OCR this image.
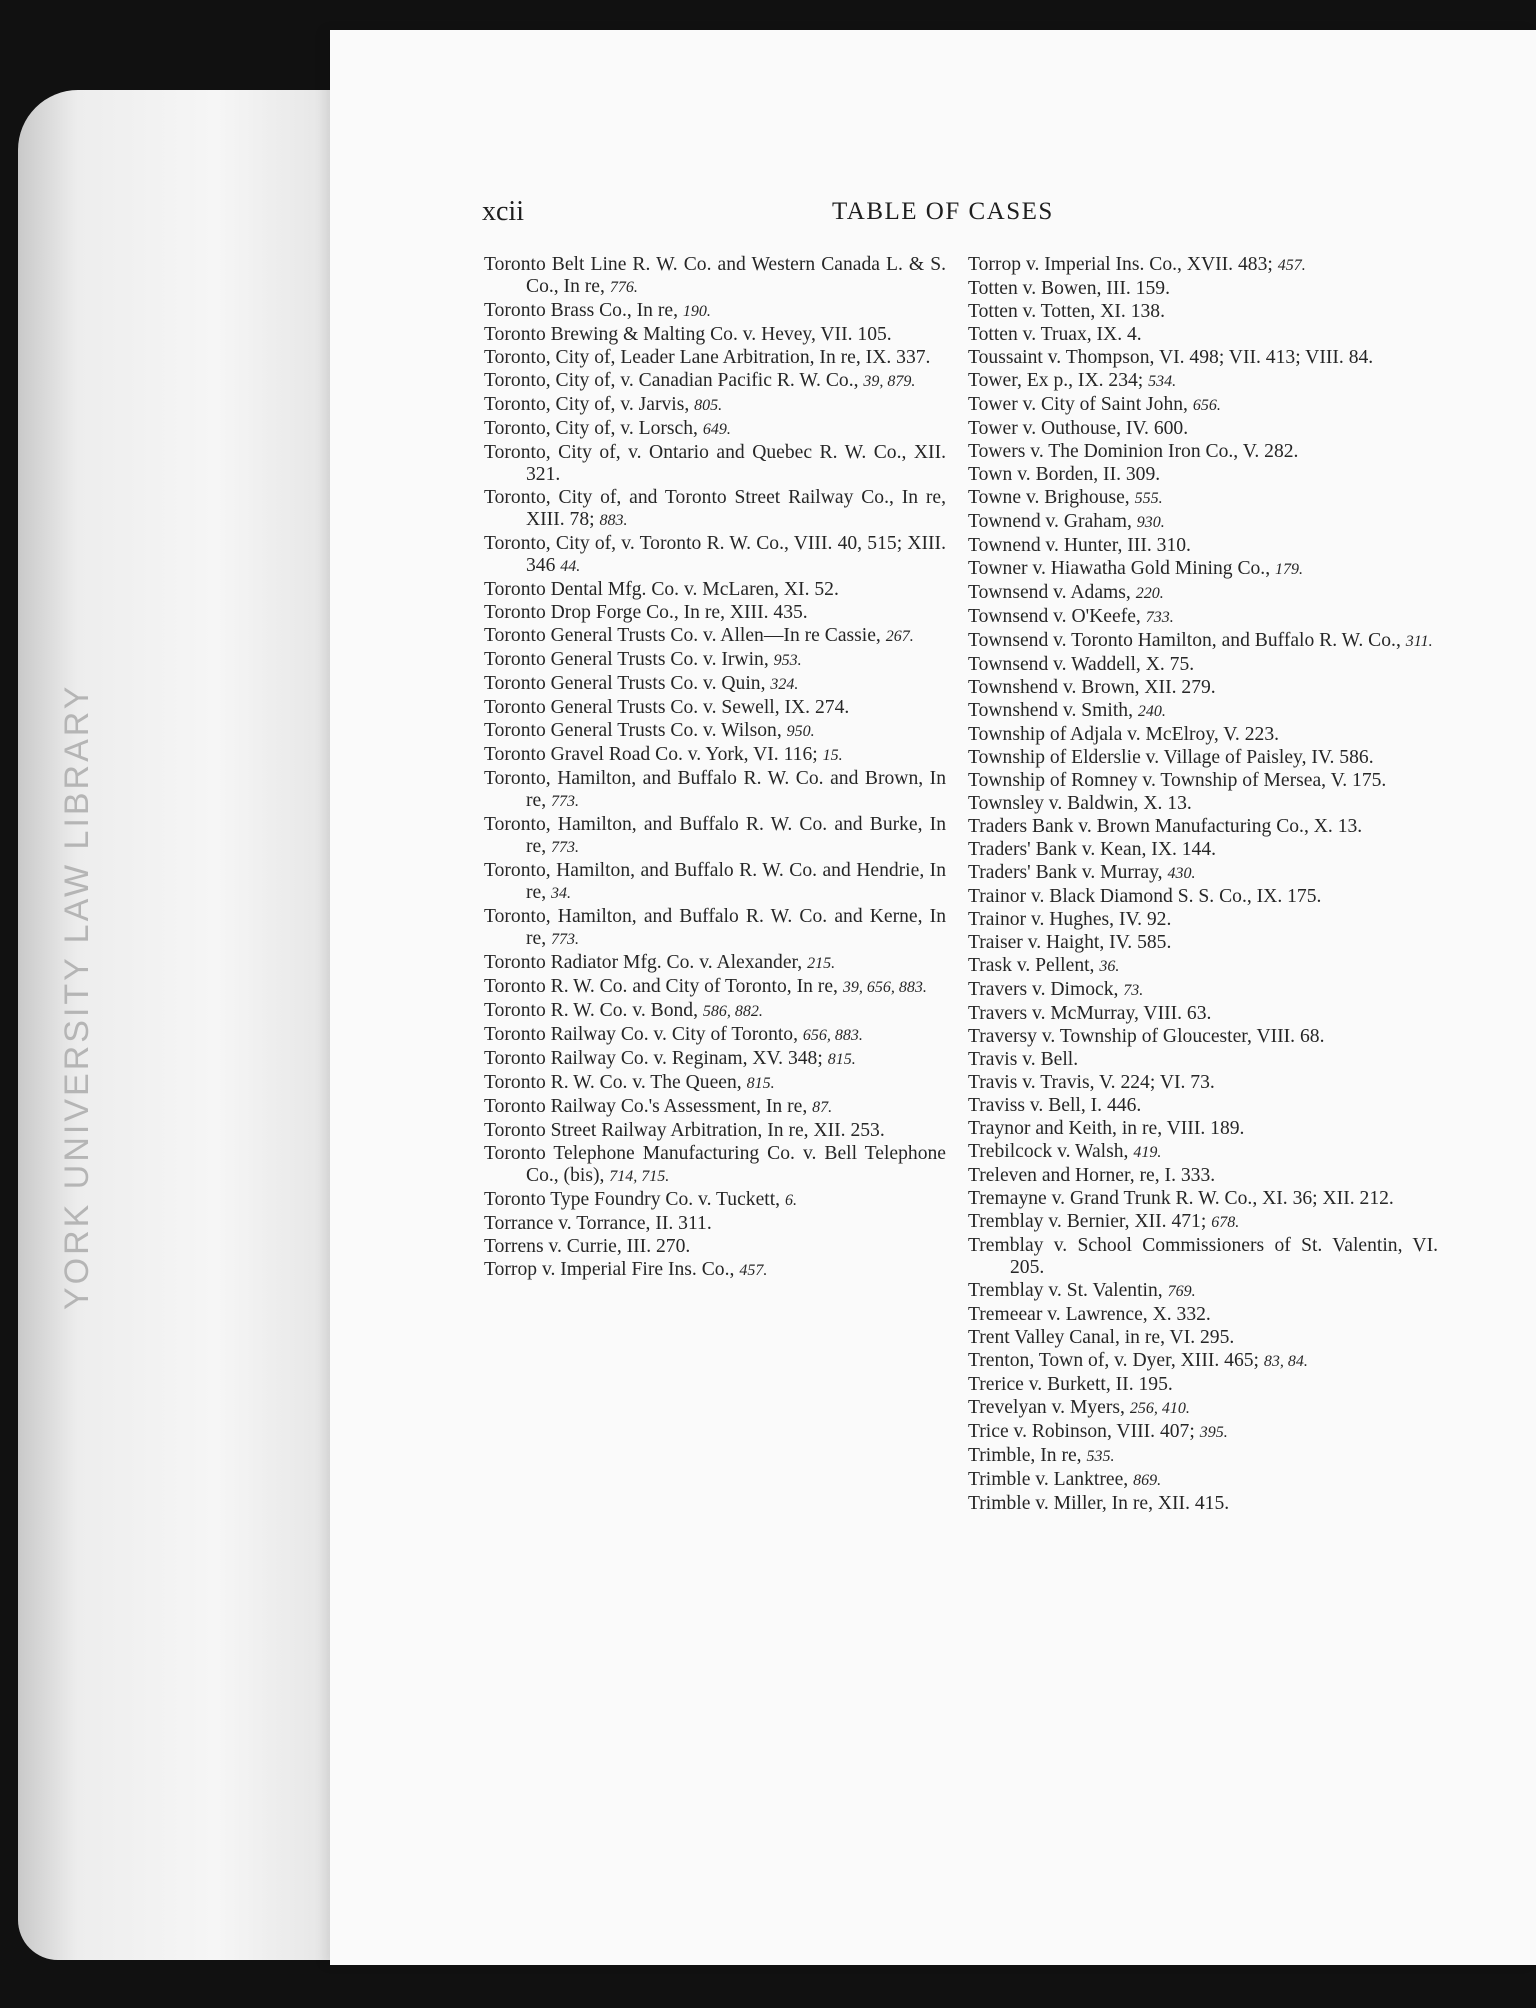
YORK UNIVERSITY LAW LIBRARY
xcii	TABLE OF CASES
Toronto Belt Line R. W. Co. and Western Canada L. & S. Co., In re, 776.
Toronto Brass Co., In re, 190.
Toronto Brewing & Malting Co. v. Hevey, VII. 105.
Toronto, City of, Leader Lane Arbitration, In re, IX. 337.
Toronto, City of, v. Canadian Pacific R. W. Co., 39, 879.
Toronto, City of, v. Jarvis, 805.
Toronto, City of, v. Lorsch, 649.
Toronto, City of, v. Ontario and Quebec R. W. Co., XII. 321.
Toronto, City of, and Toronto Street Railway Co., In re, XIII. 78; 883.
Toronto, City of, v. Toronto R. W. Co., VIII. 40, 515; XIII. 346 44.
Toronto Dental Mfg. Co. v. McLaren, XI. 52.
Toronto Drop Forge Co., In re, XIII. 435.
Toronto General Trusts Co. v. Allen—In re Cassie, 267.
Toronto General Trusts Co. v. Irwin, 953.
Toronto General Trusts Co. v. Quin, 324.
Toronto General Trusts Co. v. Sewell, IX. 274.
Toronto General Trusts Co. v. Wilson, 950.
Toronto Gravel Road Co. v. York, VI. 116; 15.
Toronto, Hamilton, and Buffalo R. W. Co. and Brown, In re, 773.
Toronto, Hamilton, and Buffalo R. W. Co. and Burke, In re, 773.
Toronto, Hamilton, and Buffalo R. W. Co. and Hendrie, In re, 34.
Toronto, Hamilton, and Buffalo R. W. Co. and Kerne, In re, 773.
Toronto Radiator Mfg. Co. v. Alexander, 215.
Toronto R. W. Co. and City of Toronto, In re, 39, 656, 883.
Toronto R. W. Co. v. Bond, 586, 882.
Toronto Railway Co. v. City of Toronto, 656, 883.
Toronto Railway Co. v. Reginam, XV. 348; 815.
Toronto R. W. Co. v. The Queen, 815.
Toronto Railway Co.'s Assessment, In re, 87.
Toronto Street Railway Arbitration, In re, XII. 253.
Toronto Telephone Manufacturing Co. v. Bell Telephone Co., (bis), 714, 715.
Toronto Type Foundry Co. v. Tuckett, 6.
Torrance v. Torrance, II. 311.
Torrens v. Currie, III. 270.
Torrop v. Imperial Fire Ins. Co., 457.
Torrop v. Imperial Ins. Co., XVII. 483; 457.
Totten v. Bowen, III. 159.
Totten v. Totten, XI. 138.
Totten v. Truax, IX. 4.
Toussaint v. Thompson, VI. 498; VII. 413; VIII. 84.
Tower, Ex p., IX. 234; 534.
Tower v. City of Saint John, 656.
Tower v. Outhouse, IV. 600.
Towers v. The Dominion Iron Co., V. 282.
Town v. Borden, II. 309.
Towne v. Brighouse, 555.
Townend v. Graham, 930.
Townend v. Hunter, III. 310.
Towner v. Hiawatha Gold Mining Co., 179.
Townsend v. Adams, 220.
Townsend v. O'Keefe, 733.
Townsend v. Toronto Hamilton, and Buffalo R. W. Co., 311.
Townsend v. Waddell, X. 75.
Townshend v. Brown, XII. 279.
Townshend v. Smith, 240.
Township of Adjala v. McElroy, V. 223.
Township of Elderslie v. Village of Paisley, IV. 586.
Township of Romney v. Township of Mersea, V. 175.
Townsley v. Baldwin, X. 13.
Traders Bank v. Brown Manufacturing Co., X. 13.
Traders' Bank v. Kean, IX. 144.
Traders' Bank v. Murray, 430.
Trainor v. Black Diamond S. S. Co., IX. 175.
Trainor v. Hughes, IV. 92.
Traiser v. Haight, IV. 585.
Trask v. Pellent, 36.
Travers v. Dimock, 73.
Travers v. McMurray, VIII. 63.
Traversy v. Township of Gloucester, VIII. 68.
Travis v. Bell.
Travis v. Travis, V. 224; VI. 73.
Traviss v. Bell, I. 446.
Traynor and Keith, in re, VIII. 189.
Trebilcock v. Walsh, 419.
Treleven and Horner, re, I. 333.
Tremayne v. Grand Trunk R. W. Co., XI. 36; XII. 212.
Tremblay v. Bernier, XII. 471; 678.
Tremblay v. School Commissioners of St. Valentin, VI. 205.
Tremblay v. St. Valentin, 769.
Tremeear v. Lawrence, X. 332.
Trent Valley Canal, in re, VI. 295.
Trenton, Town of, v. Dyer, XIII. 465; 83, 84.
Trerice v. Burkett, II. 195.
Trevelyan v. Myers, 256, 410.
Trice v. Robinson, VIII. 407; 395.
Trimble, In re, 535.
Trimble v. Lanktree, 869.
Trimble v. Miller, In re, XII. 415.
